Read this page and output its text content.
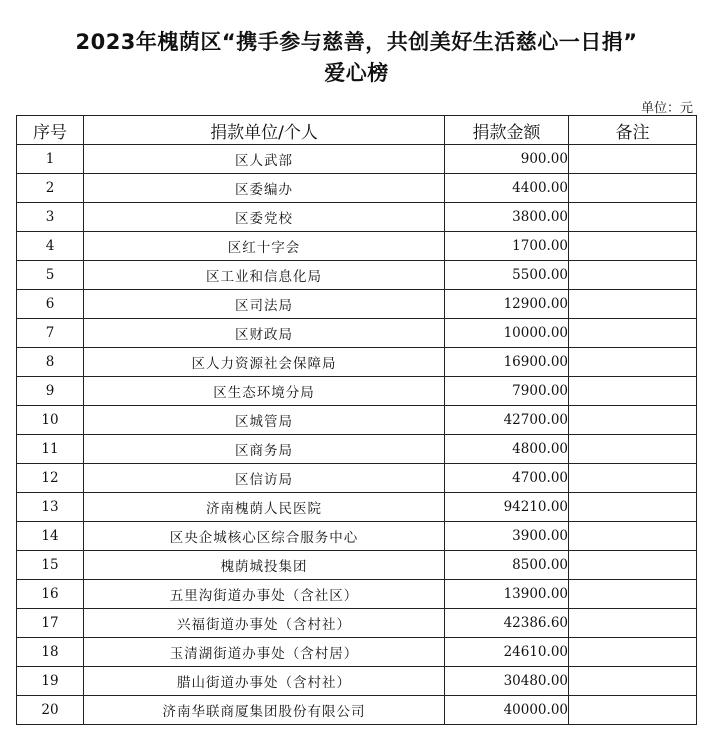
2023年槐荫区“携手参与慈善，共创美好生活慈心一日捐”
爱心榜
单位：元
序号	捐款单位/个人	捐款金额	备注
1	区人武部	900.00	
2	区委编办	4400.00	
3	区委党校	3800.00	
4	区红十字会	1700.00	
5	区工业和信息化局	5500.00	
6	区司法局	12900.00	
7	区财政局	10000.00	
8	区人力资源社会保障局	16900.00	
9	区生态环境分局	7900.00	
10	区城管局	42700.00	
11	区商务局	4800.00	
12	区信访局	4700.00	
13	济南槐荫人民医院	94210.00	
14	区央企城核心区综合服务中心	3900.00	
15	槐荫城投集团	8500.00	
16	五里沟街道办事处（含社区）	13900.00	
17	兴福街道办事处（含村社）	42386.60	
18	玉清湖街道办事处（含村居）	24610.00	
19	腊山街道办事处（含村社）	30480.00	
20	济南华联商厦集团股份有限公司	40000.00	
